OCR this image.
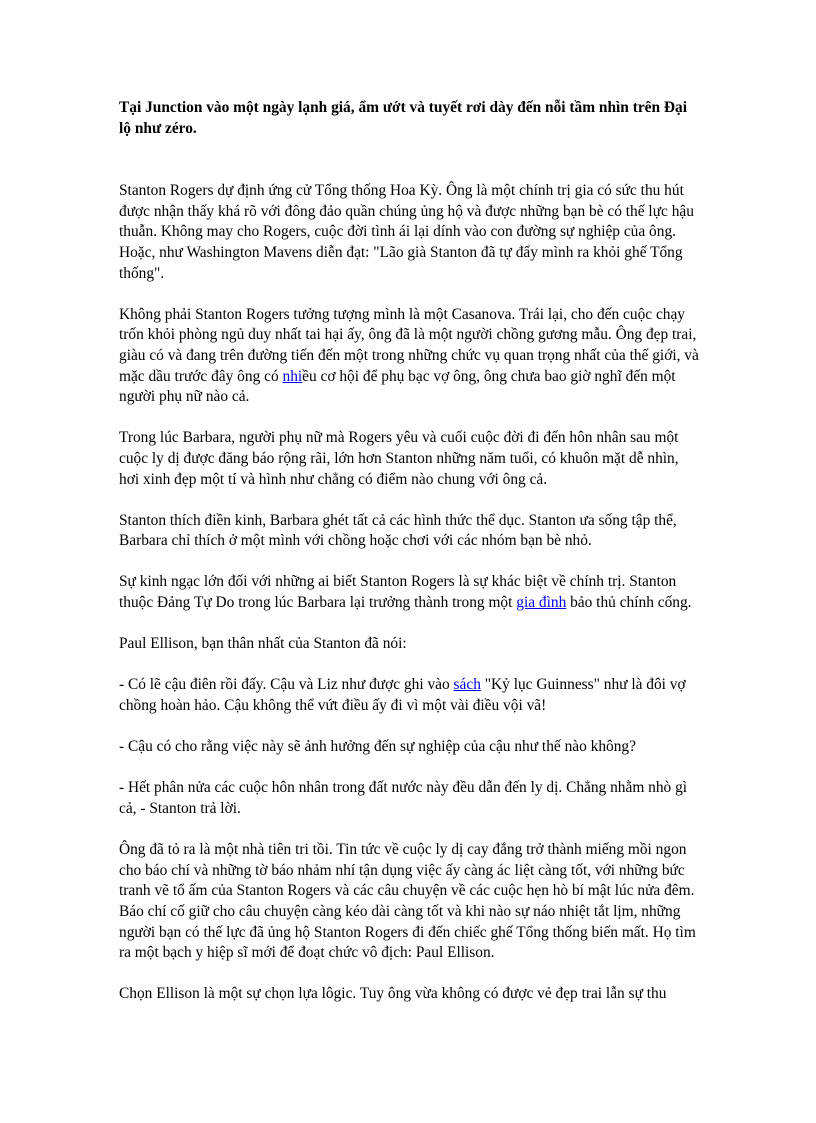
Tại Junction vào một ngày lạnh giá, ẩm ướt và tuyết rơi dày đến nỗi tầm nhìn trên Đại lộ như zéro.

Stanton Rogers dự định ứng cử Tổng thống Hoa Kỳ. Ông là một chính trị gia có sức thu hút được nhận thấy khá rõ với đông đảo quần chúng ủng hộ và được những bạn bè có thế lực hậu thuẫn. Không may cho Rogers, cuộc đời tình ái lại dính vào con đường sự nghiệp của ông. Hoặc, như Washington Mavens diễn đạt: "Lão già Stanton đã tự đẩy mình ra khỏi ghế Tổng thống".

Không phải Stanton Rogers tưởng tượng mình là một Casanova. Trái lại, cho đến cuộc chạy trốn khỏi phòng ngủ duy nhất tai hại ấy, ông đã là một người chồng gương mẫu. Ông đẹp trai, giàu có và đang trên đường tiến đến một trong những chức vụ quan trọng nhất của thế giới, và mặc dầu trước đây ông có nhiều cơ hội để phụ bạc vợ ông, ông chưa bao giờ nghĩ đến một người phụ nữ nào cả.

Trong lúc Barbara, người phụ nữ mà Rogers yêu và cuối cuộc đời đi đến hôn nhân sau một cuộc ly dị được đăng báo rộng rãi, lớn hơn Stanton những năm tuổi, có khuôn mặt dễ nhìn, hơi xinh đẹp một tí và hình như chẳng có điểm nào chung với ông cả.

Stanton thích điền kinh, Barbara ghét tất cả các hình thức thể dục. Stanton ưa sống tập thể, Barbara chỉ thích ở một mình với chồng hoặc chơi với các nhóm bạn bè nhỏ.

Sự kinh ngạc lớn đối với những ai biết Stanton Rogers là sự khác biệt về chính trị. Stanton thuộc Đảng Tự Do trong lúc Barbara lại trưởng thành trong một gia đình bảo thủ chính cống.

Paul Ellison, bạn thân nhất của Stanton đã nói:

- Có lẽ cậu điên rồi đấy. Cậu và Liz như được ghi vào sách "Kỷ lục Guinness" như là đôi vợ chồng hoàn hảo. Cậu không thể vứt điều ấy đi vì một vài điều vội vã!

- Cậu có cho rằng việc này sẽ ảnh hưởng đến sự nghiệp của cậu như thế nào không?

- Hết phân nửa các cuộc hôn nhân trong đất nước này đều dẫn đến ly dị. Chẳng nhằm nhò gì cả, - Stanton trả lời.

Ông đã tỏ ra là một nhà tiên tri tồi. Tin tức về cuộc ly dị cay đắng trở thành miếng mồi ngon cho báo chí và những tờ báo nhảm nhí tận dụng việc ấy càng ác liệt càng tốt, với những bức tranh vẽ tổ ấm của Stanton Rogers và các câu chuyện về các cuộc hẹn hò bí mật lúc nửa đêm. Báo chí cố giữ cho câu chuyện càng kéo dài càng tốt và khi nào sự náo nhiệt tắt lịm, những người bạn có thế lực đã ủng hộ Stanton Rogers đi đến chiếc ghế Tổng thống biến mất. Họ tìm ra một bạch y hiệp sĩ mới để đoạt chức vô địch: Paul Ellison.

Chọn Ellison là một sự chọn lựa lôgic. Tuy ông vừa không có được vẻ đẹp trai lẫn sự thu
